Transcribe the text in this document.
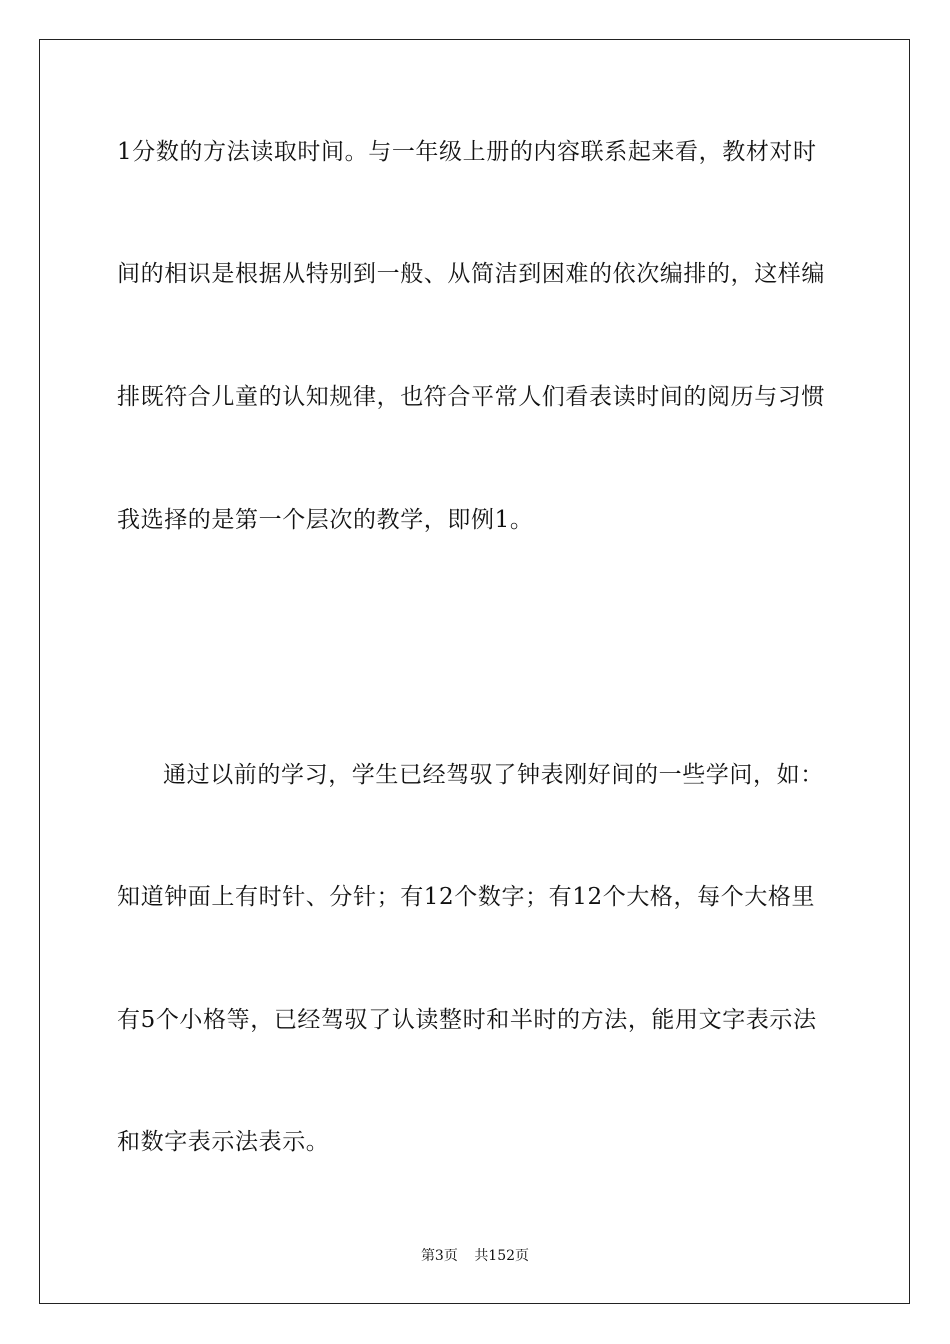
1分数的方法读取时间。与一年级上册的内容联系起来看，教材对时
间的相识是根据从特别到一般、从简洁到困难的依次编排的，这样编
排既符合儿童的认知规律，也符合平常人们看表读时间的阅历与习惯
我选择的是第一个层次的教学，即例1。
通过以前的学习，学生已经驾驭了钟表刚好间的一些学问，如：
知道钟面上有时针、分针；有12个数字；有12个大格，每个大格里
有5个小格等，已经驾驭了认读整时和半时的方法，能用文字表示法
和数字表示法表示。
第3页 共152页
